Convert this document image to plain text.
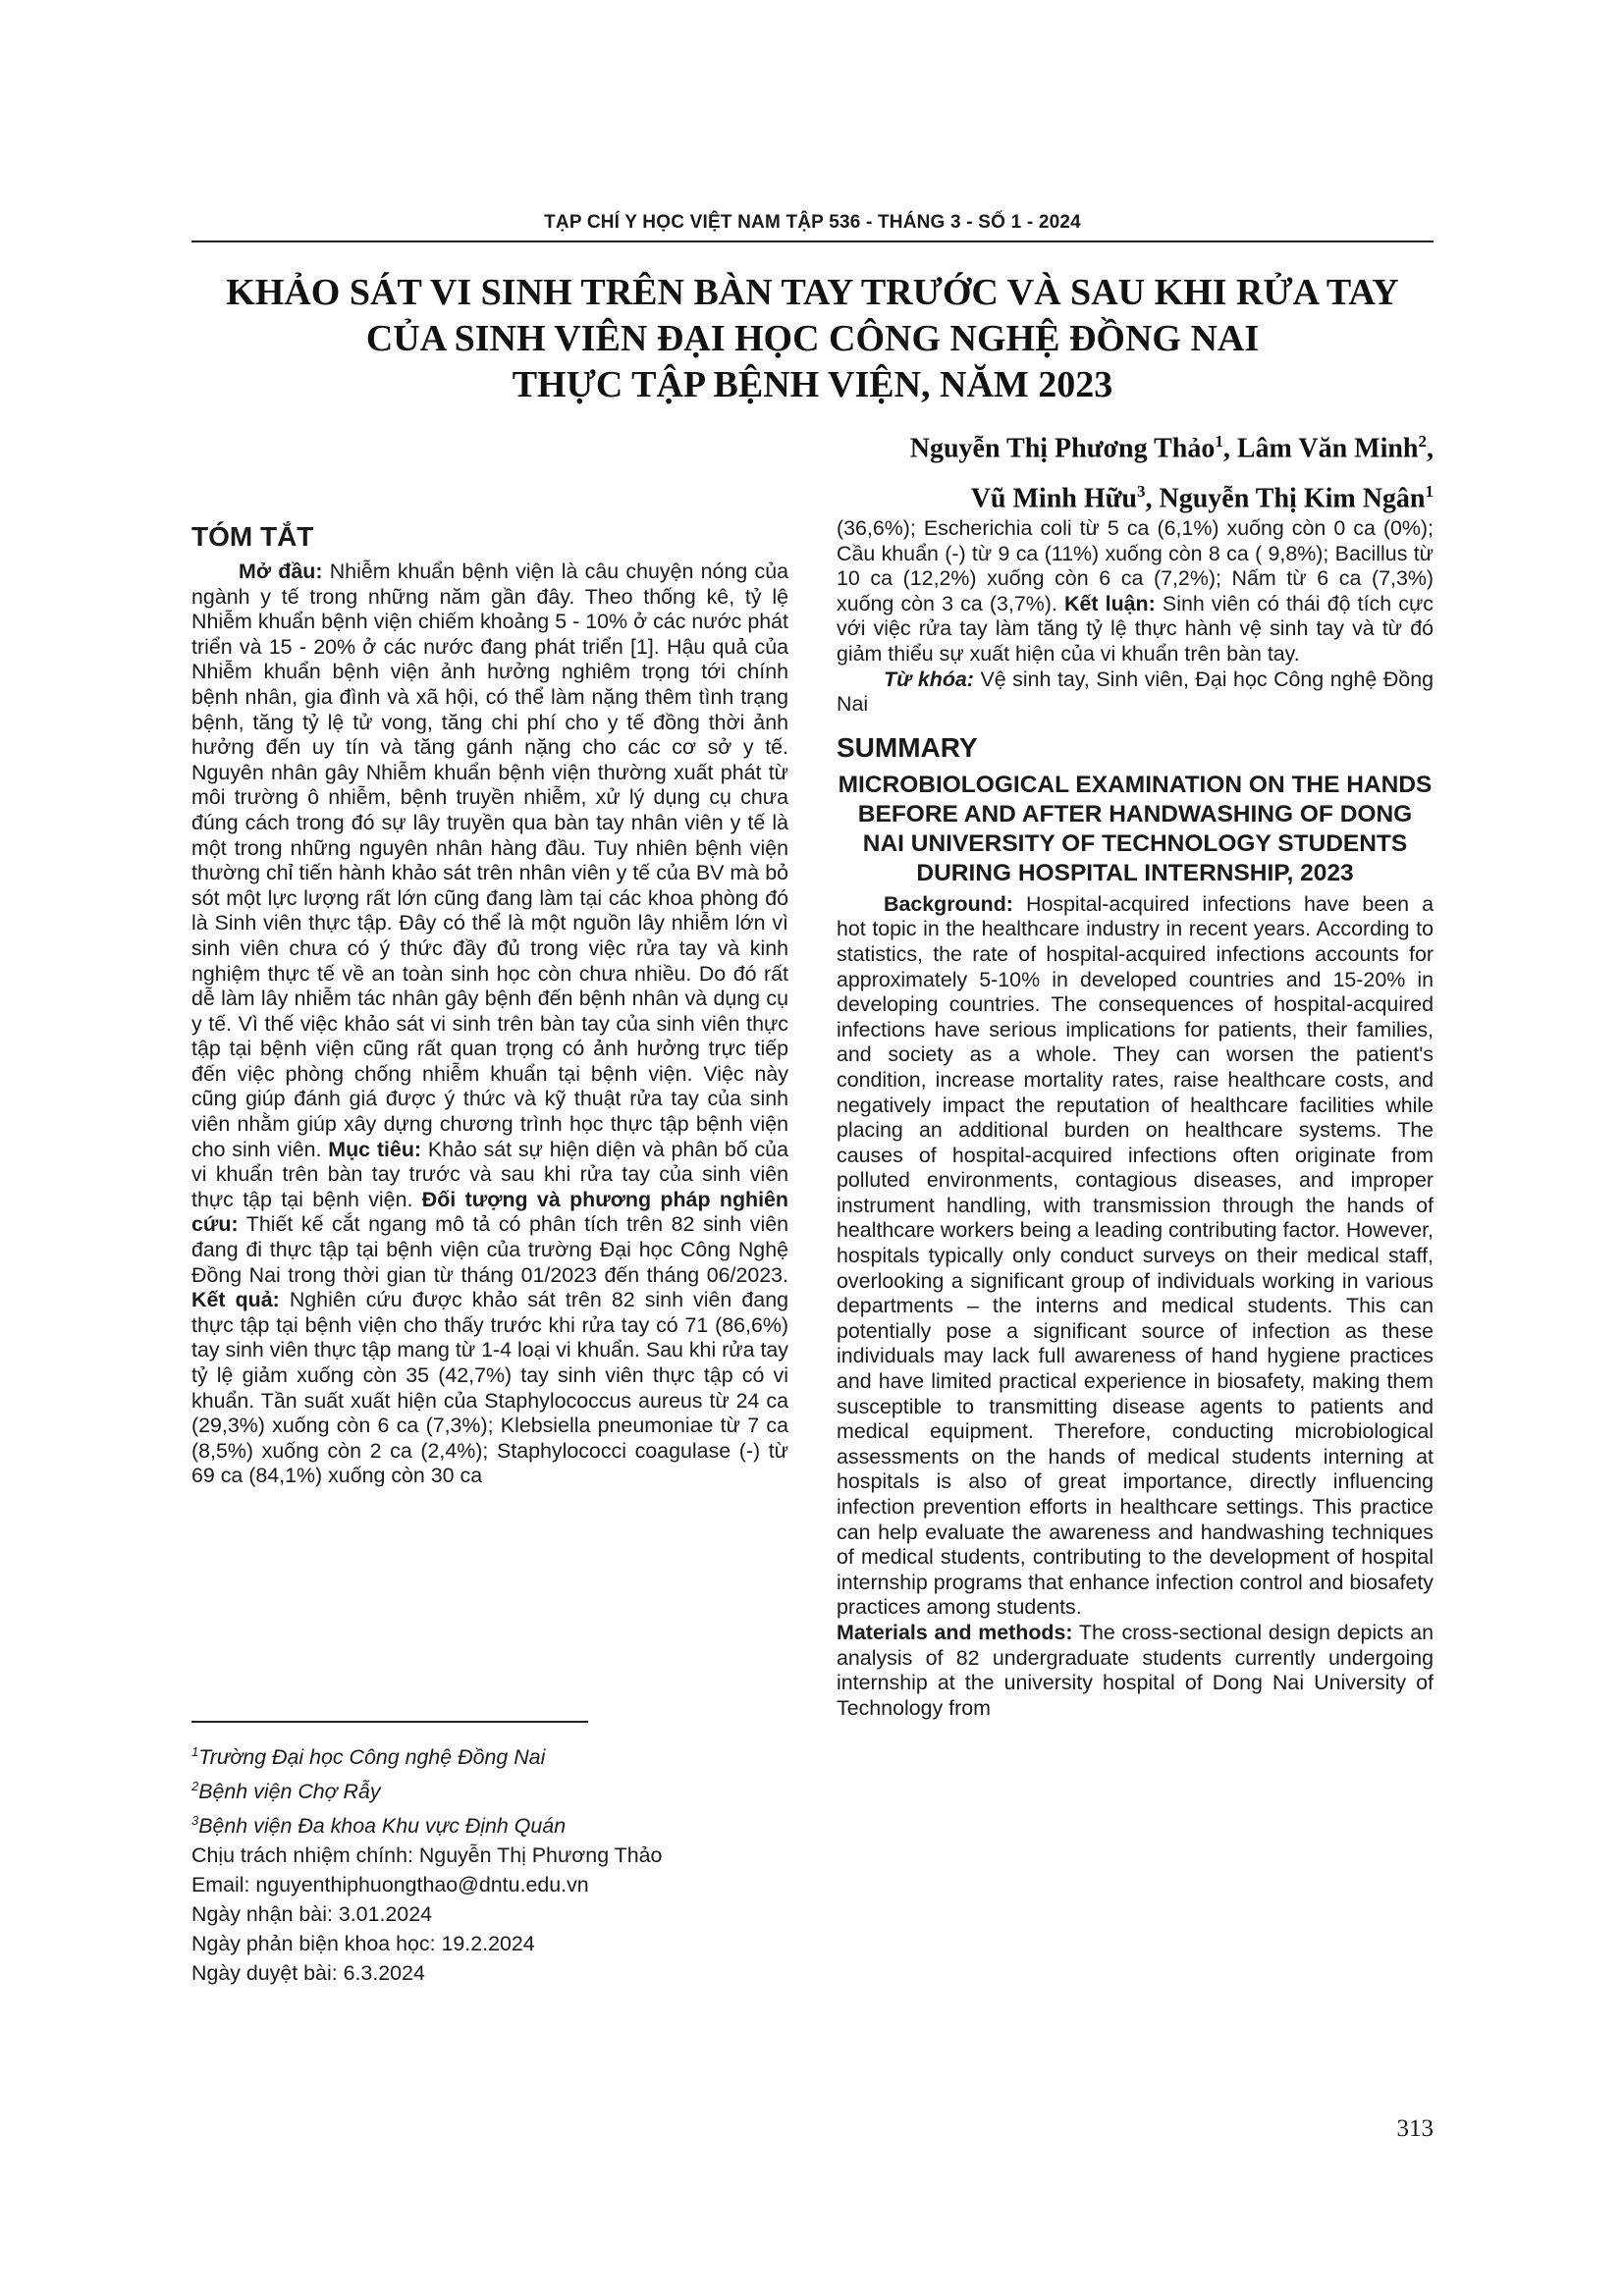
TẠP CHÍ Y HỌC VIỆT NAM TẬP 536 - THÁNG 3 - SỐ 1 - 2024
KHẢO SÁT VI SINH TRÊN BÀN TAY TRƯỚC VÀ SAU KHI RỬA TAY
CỦA SINH VIÊN ĐẠI HỌC CÔNG NGHỆ ĐỒNG NAI
THỰC TẬP BỆNH VIỆN, NĂM 2023
Nguyễn Thị Phương Thảo$^1$, Lâm Văn Minh$^2$,
Vũ Minh Hữu$^3$, Nguyễn Thị Kim Ngân$^1$
TÓM TẮT

Mở đầu: Nhiễm khuẩn bệnh viện là câu chuyện nóng của ngành y tế trong những năm gần đây. Theo thống kê, tỷ lệ Nhiễm khuẩn bệnh viện chiếm khoảng 5 - 10% ở các nước phát triển và 15 - 20% ở các nước đang phát triển [1]. Hậu quả của Nhiễm khuẩn bệnh viện ảnh hưởng nghiêm trọng tới chính bệnh nhân, gia đình và xã hội, có thể làm nặng thêm tình trạng bệnh, tăng tỷ lệ tử vong, tăng chi phí cho y tế đồng thời ảnh hưởng đến uy tín và tăng gánh nặng cho các cơ sở y tế. Nguyên nhân gây Nhiễm khuẩn bệnh viện thường xuất phát từ môi trường ô nhiễm, bệnh truyền nhiễm, xử lý dụng cụ chưa đúng cách trong đó sự lây truyền qua bàn tay nhân viên y tế là một trong những nguyên nhân hàng đầu. Tuy nhiên bệnh viện thường chỉ tiến hành khảo sát trên nhân viên y tế của BV mà bỏ sót một lực lượng rất lớn cũng đang làm tại các khoa phòng đó là Sinh viên thực tập. Đây có thể là một nguồn lây nhiễm lớn vì sinh viên chưa có ý thức đầy đủ trong việc rửa tay và kinh nghiệm thực tế về an toàn sinh học còn chưa nhiều. Do đó rất dễ làm lây nhiễm tác nhân gây bệnh đến bệnh nhân và dụng cụ y tế. Vì thế việc khảo sát vi sinh trên bàn tay của sinh viên thực tập tại bệnh viện cũng rất quan trọng có ảnh hưởng trực tiếp đến việc phòng chống nhiễm khuẩn tại bệnh viện. Việc này cũng giúp đánh giá được ý thức và kỹ thuật rửa tay của sinh viên nhằm giúp xây dựng chương trình học thực tập bệnh viện cho sinh viên. Mục tiêu: Khảo sát sự hiện diện và phân bố của vi khuẩn trên bàn tay trước và sau khi rửa tay của sinh viên thực tập tại bệnh viện. Đối tượng và phương pháp nghiên cứu: Thiết kế cắt ngang mô tả có phân tích trên 82 sinh viên đang đi thực tập tại bệnh viện của trường Đại học Công Nghệ Đồng Nai trong thời gian từ tháng 01/2023 đến tháng 06/2023. Kết quả: Nghiên cứu được khảo sát trên 82 sinh viên đang thực tập tại bệnh viện cho thấy trước khi rửa tay có 71 (86,6%) tay sinh viên thực tập mang từ 1-4 loại vi khuẩn. Sau khi rửa tay tỷ lệ giảm xuống còn 35 (42,7%) tay sinh viên thực tập có vi khuẩn. Tần suất xuất hiện của Staphylococcus aureus từ 24 ca (29,3%) xuống còn 6 ca (7,3%); Klebsiella pneumoniae từ 7 ca (8,5%) xuống còn 2 ca (2,4%); Staphylococci coagulase (-) từ 69 ca (84,1%) xuống còn 30 ca

$^1$Trường Đại học Công nghệ Đồng Nai
$^2$Bệnh viện Chợ Rẫy
$^3$Bệnh viện Đa khoa Khu vực Định Quán
Chịu trách nhiệm chính: Nguyễn Thị Phương Thảo
Email: nguyenthiphuongthao@dntu.edu.vn
Ngày nhận bài: 3.01.2024
Ngày phản biện khoa học: 19.2.2024
Ngày duyệt bài: 6.3.2024

(36,6%); Escherichia coli từ 5 ca (6,1%) xuống còn 0 ca (0%); Cầu khuẩn (-) từ 9 ca (11%) xuống còn 8 ca ( 9,8%); Bacillus từ 10 ca (12,2%) xuống còn 6 ca (7,2%); Nấm từ 6 ca (7,3%) xuống còn 3 ca (3,7%). Kết luận: Sinh viên có thái độ tích cực với việc rửa tay làm tăng tỷ lệ thực hành vệ sinh tay và từ đó giảm thiểu sự xuất hiện của vi khuẩn trên bàn tay.

Từ khóa: Vệ sinh tay, Sinh viên, Đại học Công nghệ Đồng Nai

SUMMARY
MICROBIOLOGICAL EXAMINATION ON THE HANDS BEFORE AND AFTER HANDWASHING OF DONG NAI UNIVERSITY OF TECHNOLOGY STUDENTS DURING HOSPITAL INTERNSHIP, 2023

Background: Hospital-acquired infections have been a hot topic in the healthcare industry in recent years. According to statistics, the rate of hospital-acquired infections accounts for approximately 5-10% in developed countries and 15-20% in developing countries. The consequences of hospital-acquired infections have serious implications for patients, their families, and society as a whole. They can worsen the patient's condition, increase mortality rates, raise healthcare costs, and negatively impact the reputation of healthcare facilities while placing an additional burden on healthcare systems. The causes of hospital-acquired infections often originate from polluted environments, contagious diseases, and improper instrument handling, with transmission through the hands of healthcare workers being a leading contributing factor. However, hospitals typically only conduct surveys on their medical staff, overlooking a significant group of individuals working in various departments – the interns and medical students. This can potentially pose a significant source of infection as these individuals may lack full awareness of hand hygiene practices and have limited practical experience in biosafety, making them susceptible to transmitting disease agents to patients and medical equipment. Therefore, conducting microbiological assessments on the hands of medical students interning at hospitals is also of great importance, directly influencing infection prevention efforts in healthcare settings. This practice can help evaluate the awareness and handwashing techniques of medical students, contributing to the development of hospital internship programs that enhance infection control and biosafety practices among students.

Materials and methods: The cross-sectional design depicts an analysis of 82 undergraduate students currently undergoing internship at the university hospital of Dong Nai University of Technology from

313
